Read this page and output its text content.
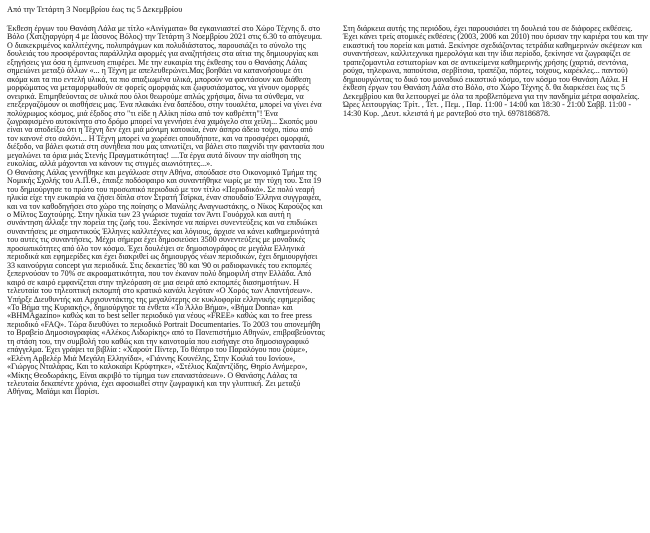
Από την Τετάρτη 3 Νοεμβρίου έως τις 5 Δεκεμβρίου

Έκθεση έργων του Θανάση Λάλα με τίτλο «Αινίγματα» θα εγκαινιαστεί στο Χώρο Τέχνης δ. στο Βόλο (Χατζηαργύρη 4 με Ιάσονος Βόλος) την Τετάρτη 3 Νοεμβρίου 2021 στις 6.30 το απόγευμα. Ο διακεκριμένος καλλιτέχνης, πολυπράγμων και πολυδιάστατος, παρουσιάζει το σύνολο της δουλειάς του προσφέροντας παράλληλα αφορμές για αναζητήσεις στα αίτια της δημιουργίας και εξηγήσεις για όσα η έμπνευση επιφέρει. Με την ευκαιρία της έκθεσης του ο Θανάσης Λάλας σημειώνει μεταξύ άλλων «... η Τέχνη με απελευθερώνει.Μας βοηθάει να κατανοήσουμε ότι ακόμα και τα πιο εντελή υλικά, τα πιο απαξιωμένα υλικά, μπορούν να φαντάσουν και διάθεση μορφώματος να μεταμορφωθούν σε φορείς ομορφιάς και ζωφυσιάσματος, να γίνουν ομορφές ονειρικά. Επιμηθεύοντας σε υλικά που όλοι θεωρούμε απλώς χρήσιμα, δίνω τα σύνθεμα, να επεξεργαζόμουν οι αισθήσεις μας. Ένα πλακάκι ένα δαπέδου, στην τουαλέτα, μπορεί να γίνει ένα πολύχρωμος κόσμος, μιά έξοδος στο "τι είδε η Αλίκη πίσω από τον καθρέπτη"! Ένα ζωγραφισμένο αυτοκίνητο στο δρόμο μπορεί να γεννήσει ένα χαμόγελο στα χείλη... Σκοπός μου είναι να αποδείξω ότι η Τέχνη δεν έχει μιά μόνιμη κατοικία, έναν άσπρο άδειο τοίχο, πίσω από τον κανονέ στο σαλόνι... Η Τέχνη μπορεί να χωρέσει οπουδήποτε, και να προσφέρει ομορφιά, διέξοδο, να βάλει φωτιά στη συνήθεια που μας υπνωτίζει, να βάλει στο παιχνίδι την φαντασία που μεγαλώνει τα όρια μιάς Στενής Πραγματικότητας! ....Τα έργα αυτά δίνουν την αίσθηση της ευκολίας, αλλά μάχονται να κάνουν τις στιγμές αιωνιότητες...».

Ο Θανάσης Λάλας γεννήθηκε και μεγάλωσε στην Αθήνα, σπούδασε στο Οικονομικό Τμήμα της Νομικής Σχολής του Α.Π.Θ., έπαιξε ποδόσφαιρο και συναντήθηκε νωρίς με την τύχη του. Στα 19 του δημιούργησε το πρώτο του προσωπικό περιοδικό με τον τίτλο «Περιοδικό». Σε πολύ νεαρή ηλικία είχε την ευκαιρία να ζήσει δίπλα στον Στρατή Τσίρκα, έναν σπουδαίο Έλληνα συγγραφέα, και να τον καθοδηγήσει στο χώρο της ποίησης ο Μανώλης Αναγνωστάκης, ο Νίκος Καρούζος και ο Μίλτος Σαχτούρης. Στην ηλικία των 23 γνώρισε τυχαία τον Άντι Γουόρχολ και αυτή η συνάντηση άλλαξε την πορεία της ζωής του. Ξεκίνησε να παίρνει συνεντεύξεις και να επιδιώκει συναντήσεις με σημαντικούς Έλληνες καλλιτέχνες και λόγιους, άρχισε να κάνει καθημερινότητά του αυτές τις συναντήσεις. Μέχρι σήμερα έχει δημοσιεύσει 3500 συνεντεύξεις με μοναδικές προσωπικότητες από όλο τον κόσμο. Έχει δουλέψει σε δημοσιογράφος σε μεγάλα Ελληνικά περιοδικά και εφημερίδες και έχει διακριθεί ως δημιουργός νέων περιοδικών, έχει δημιουργήσει 33 καινούργια concept για περιοδικά. Στις δεκαετίες '80 και '90 οι ραδιοφωνικές του εκπομπές ξεπερνούσαν το 70% σε ακροαματικότητα, που τον έκαναν πολύ δημοφιλή στην Ελλάδα. Από καιρό σε καιρό εμφανίζεται στην τηλεόραση σε μια σειρά από εκπομπές διασημοτήτων. Η τελευταία του τηλεοπτική εκπομπή στο κρατικό κανάλι λεγόταν «Ο Χορός των Απαντήσεων». Υπήρξε Διευθυντής και Αρχισυντάκτης της μεγαλύτερης σε κυκλοφορία ελληνικής εφημερίδας «Το Βήμα της Κυριακής», δημιούργησε τα ένθετα «Το Άλλο Βήμα», «Βήμα Donna» και «BHMAgazino» καθώς και το best seller περιοδικό για νέους «FREE» καθώς και το free press περιοδικό «FAQ». Τώρα διευθύνει το περιοδικό Portrait Documentaries. Το 2003 του απονεμήθη το Βραβείο Δημοσιογραφίας «Αλέκος Λιδωρίκης» από το Πανεπιστήμιο Αθηνών, επιβραβεύοντας τη στάση του, την συμβολή του καθώς και την καινοτομία που εισήγαγε στο δημοσιογραφικό επάγγελμα. Έχει γράψει τα βιβλία : «Χαρούτ Πίντερ, Το θέατρο του Παραλόγου που ζούμε», «Ελένη Αρβελέρ Μιά Μεγάλη Ελληνίδα», «Γιάννης Κουνέλης, Στην Κοιλιά του Ιονίου», «Γιώργος Νταλάρας, Και το καλοκαίρι Κρύφτηκε», «Στέλιος Καζαντζίδης, Θηρίο Ανήμερο», «Μίκης Θεοδωράκης, Είναι ακριβό το τίμημα των επαναστάσεων». Ο Θανάσης Λάλας τα τελευταία δεκαπέντε χρόνια, έχει αφοσιωθεί στην ζωγραφική και την γλυπτική. Ζει μεταξύ Αθήνας, Μαϊάμι και Παρίσι.

Στη διάρκεια αυτής της περιόδου, έχει παρουσιάσει τη δουλειά του σε διάφορες εκθέσεις. Έχει κάνει τρείς ατομικές εκθέσεις (2003, 2006 και 2010) που όρισαν την καριέρα του και την εικαστική του πορεία και ματιά. Ξεκίνησε σχεδιάζοντας τετράδια καθημερινών σκέψεων και συναντήσεων, καλλιτεχνικα ημερολόγια και την ίδια περίοδο, ξεκίνησε να ζωγραφίζει σε τραπεζομαντιλα εστιατορίων και σε αντικείμενα καθημερινής χρήσης (χαρτιά, σεντόνια, ρούχα, τηλεφωνα, παπούτσια, σερβίτσια, τραπέζια, πόρτες, τοίχους, καρέκλες... παντού) δημιουργώντας το δικό του μοναδικό εικαστικό κόσμο, τον κόσμο του Θανάση Λάλα. Η έκθεση έργων του Θανάση Λάλα στο Βόλο, στο Χώρο Τέχνης δ. θα διαρκέσει έως τις 5 Δεκεμβρίου και θα λειτουργεί με όλα τα προβλεπόμενα για την πανδημία μέτρα ασφαλείας.

Ώρες λειτουργίας: Τρίτ. , Τετ. , Πεμ. , Παρ. 11:00 - 14:00 και 18:30 - 21:00 Σαββ. 11:00 - 14:30 Κυρ. ,Δευτ. κλειστά ή με ραντεβού στο τηλ. 6978186878.
